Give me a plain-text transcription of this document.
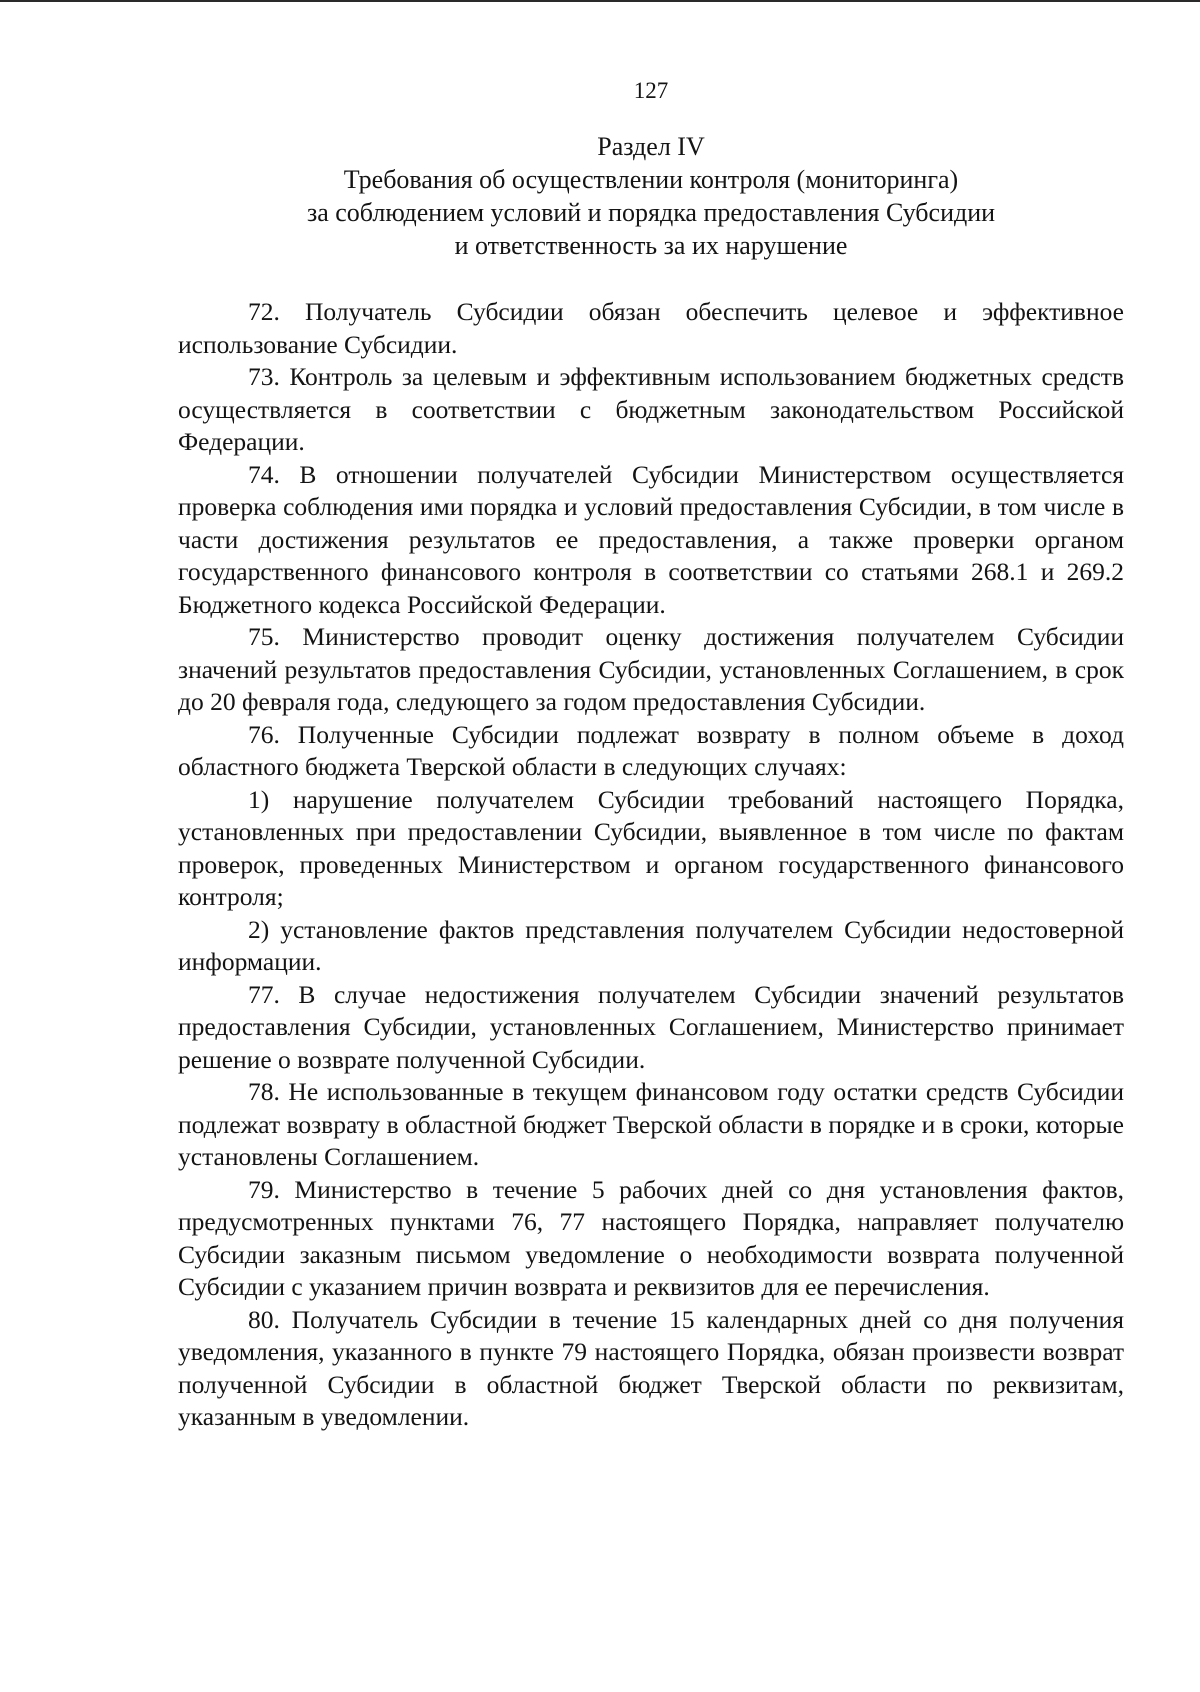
127
Раздел IV
Требования об осуществлении контроля (мониторинга)
за соблюдением условий и порядка предоставления Субсидии
и ответственность за их нарушение

72. Получатель Субсидии обязан обеспечить целевое и эффективное использование Субсидии.

73. Контроль за целевым и эффективным использованием бюджетных средств осуществляется в соответствии с бюджетным законодательством Российской Федерации.

74. В отношении получателей Субсидии Министерством осуществляется проверка соблюдения ими порядка и условий предоставления Субсидии, в том числе в части достижения результатов ее предоставления, а также проверки органом государственного финансового контроля в соответствии со статьями 268.1 и 269.2 Бюджетного кодекса Российской Федерации.

75. Министерство проводит оценку достижения получателем Субсидии значений результатов предоставления Субсидии, установленных Соглашением, в срок до 20 февраля года, следующего за годом предоставления Субсидии.

76. Полученные Субсидии подлежат возврату в полном объеме в доход областного бюджета Тверской области в следующих случаях:

1) нарушение получателем Субсидии требований настоящего Порядка, установленных при предоставлении Субсидии, выявленное в том числе по фактам проверок, проведенных Министерством и органом государственного финансового контроля;

2) установление фактов представления получателем Субсидии недостоверной информации.

77. В случае недостижения получателем Субсидии значений результатов предоставления Субсидии, установленных Соглашением, Министерство принимает решение о возврате полученной Субсидии.

78. Не использованные в текущем финансовом году остатки средств Субсидии подлежат возврату в областной бюджет Тверской области в порядке и в сроки, которые установлены Соглашением.

79. Министерство в течение 5 рабочих дней со дня установления фактов, предусмотренных пунктами 76, 77 настоящего Порядка, направляет получателю Субсидии заказным письмом уведомление о необходимости возврата полученной Субсидии с указанием причин возврата и реквизитов для ее перечисления.

80. Получатель Субсидии в течение 15 календарных дней со дня получения уведомления, указанного в пункте 79 настоящего Порядка, обязан произвести возврат полученной Субсидии в областной бюджет Тверской области по реквизитам, указанным в уведомлении.
